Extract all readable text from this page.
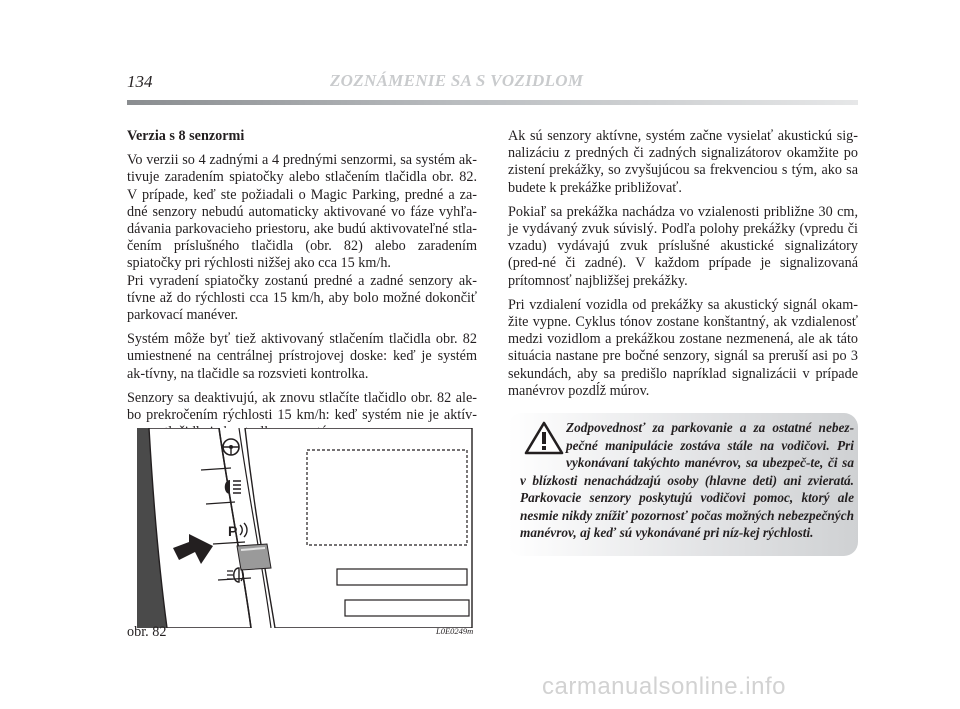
134	ZOZNÁMENIE SA S VOZIDLOM

Verzia s 8 senzormi

Vo verzii so 4 zadnými a 4 prednými senzormi, sa systém ak-tivuje zaradením spiatočky alebo stlačením tlačidla obr. 82. V prípade, keď ste požiadali o Magic Parking, predné a za-dné senzory nebudú automaticky aktivované vo fáze vyhľa-dávania parkovacieho priestoru, ake budú aktivovateľné stla-čením príslušného tlačidla (obr. 82) alebo zaradením spiatočky pri rýchlosti nižšej ako cca 15 km/h.

Pri vyradení spiatočky zostanú predné a zadné senzory ak-tívne až do rýchlosti cca 15 km/h, aby bolo možné dokončiť parkovací manéver.

Systém môže byť tiež aktivovaný stlačením tlačidla obr. 82 umiestnené na centrálnej prístrojovej doske: keď je systém ak-tívny, na tlačidle sa rozsvieti kontrolka.

Senzory sa deaktivujú, ak znovu stlačíte tlačidlo obr. 82 ale-bo prekročením rýchlosti 15 km/h: keď systém nie je aktív-

Ak sú senzory aktívne, systém začne vysielať akustickú sig-nalizáciu z predných či zadných signalizátorov okamžite po zistení prekážky, so zvyšujúcou sa frekvenciou s tým, ako sa budete k prekážke približovať.

Pokiaľ sa prekážka nachádza vo vzialenosti približne 30 cm, je vydávaný zvuk súvislý. Podľa polohy prekážky (vpredu či vzadu) vydávajú zvuk príslušné akustické signalizátory (pred-né či zadné). V každom prípade je signalizovaná prítomnosť najbližšej prekážky.

Pri vzdialení vozidla od prekážky sa akustický signál okam-žite vypne. Cyklus tónov zostane konštantný, ak vzdialenosť medzi vozidlom a prekážkou zostane nezmenená, ale ak táto situácia nastane pre bočné senzory, signál sa preruší asi po 3 sekundách, aby sa predišlo napríklad signalizácii v prípade manévrov pozdĺž múrov.

P
obr. 82	L0E0249m
Zodpovednosť za parkovanie a za ostatné nebez-pečné manipulácie zostáva stále na vodičovi. Pri vykonávaní takýchto manévrov, sa ubezpeč-te, či sa v blízkosti nenachádzajú osoby (hlavne deti) ani zvieratá. Parkovacie senzory poskytujú vodičovi pomoc, ktorý ale nesmie nikdy znížiť pozornosť počas možných nebezpečných manévrov, aj keď sú vykonávané pri níz-kej rýchlosti.
carmanualsonline.info
